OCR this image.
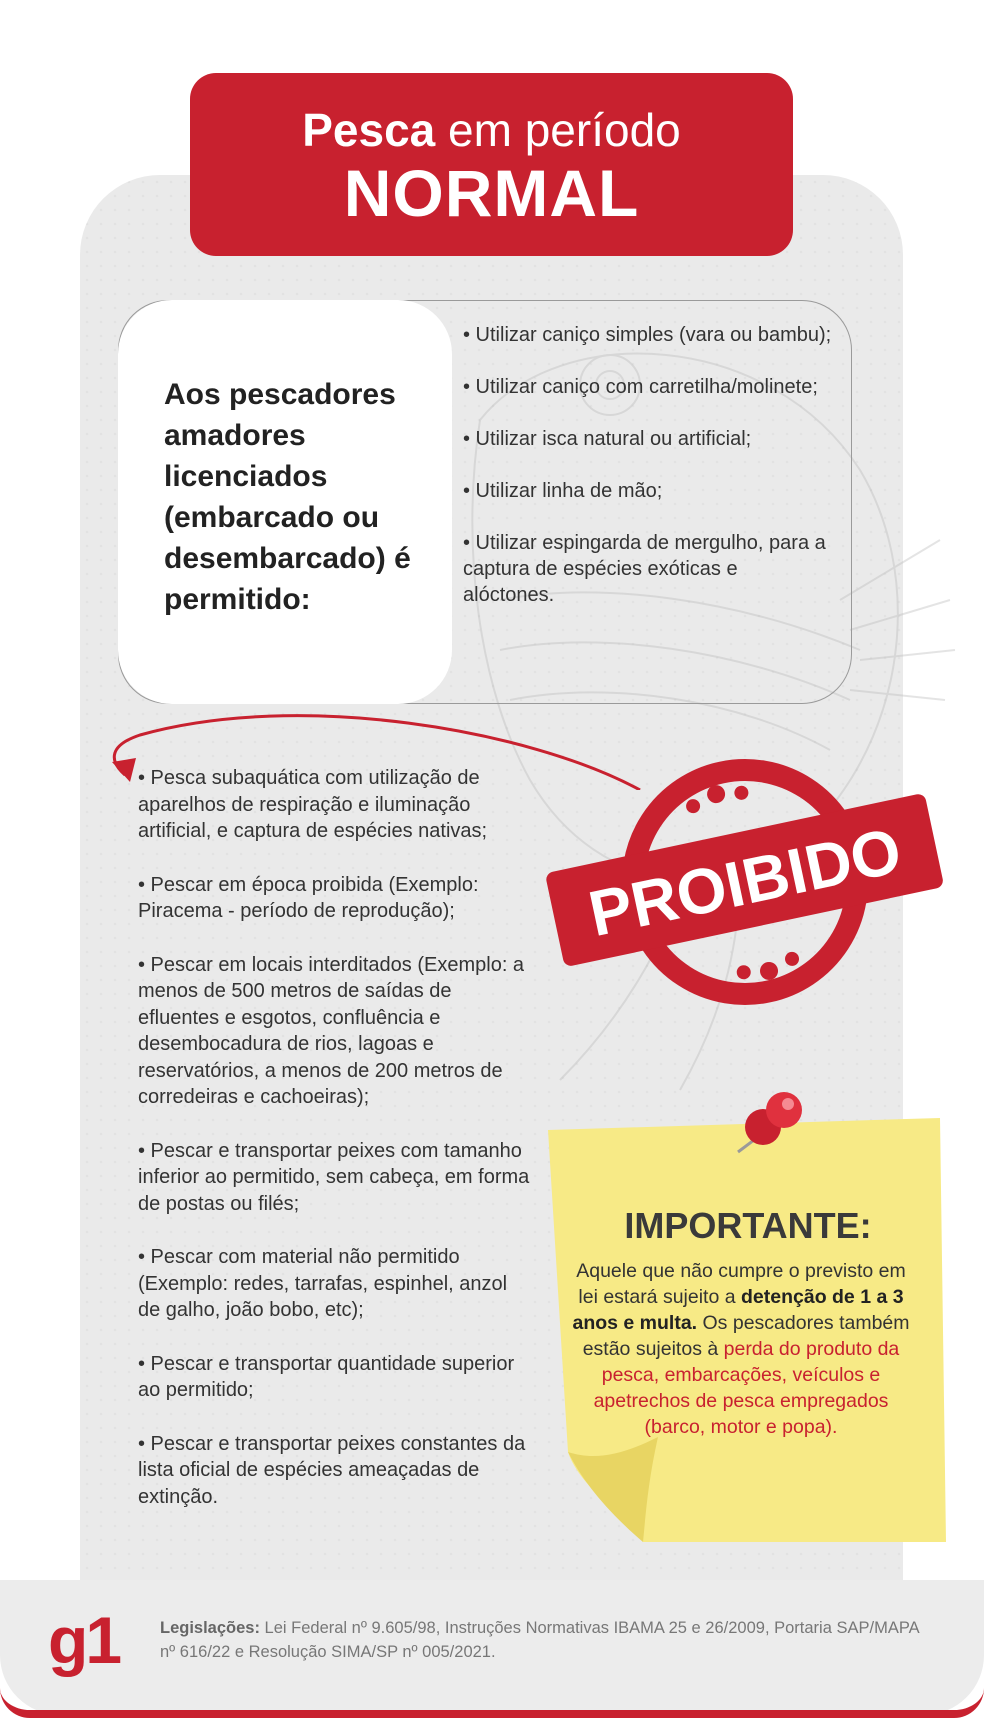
Pesca em período
NORMAL
Aos pescadores amadores licenciados (embarcado ou desembarcado) é permitido:
• Utilizar caniço simples (vara ou bambu);
• Utilizar caniço com carretilha/molinete;
• Utilizar isca natural ou artificial;
• Utilizar linha de mão;
• Utilizar espingarda de mergulho, para a captura de espécies exóticas e alóctones.
• Pesca subaquática com utilização de aparelhos de respiração e iluminação artificial, e captura de espécies nativas;
• Pescar em época proibida (Exemplo: Piracema - período de reprodução);
• Pescar em locais interditados (Exemplo: a menos de 500 metros de saídas de efluentes e esgotos, confluência e desembocadura de rios, lagoas e reservatórios, a menos de 200 metros de corredeiras e cachoeiras);
• Pescar e transportar peixes com tamanho inferior ao permitido, sem cabeça, em forma de postas ou filés;
• Pescar com material não permitido (Exemplo: redes, tarrafas, espinhel, anzol de galho, joão bobo, etc);
• Pescar e transportar quantidade superior ao permitido;
• Pescar e transportar peixes constantes da lista oficial de espécies ameaçadas de extinção.
PROIBIDO
IMPORTANTE:
Aquele que não cumpre o previsto em lei estará sujeito a detenção de 1 a 3 anos e multa. Os pescadores também estão sujeitos à perda do produto da pesca, embarcações, veículos e apetrechos de pesca empregados (barco, motor e popa).
g1 Legislações: Lei Federal nº 9.605/98, Instruções Normativas IBAMA 25 e 26/2009, Portaria SAP/MAPA nº 616/22 e Resolução SIMA/SP nº 005/2021.
